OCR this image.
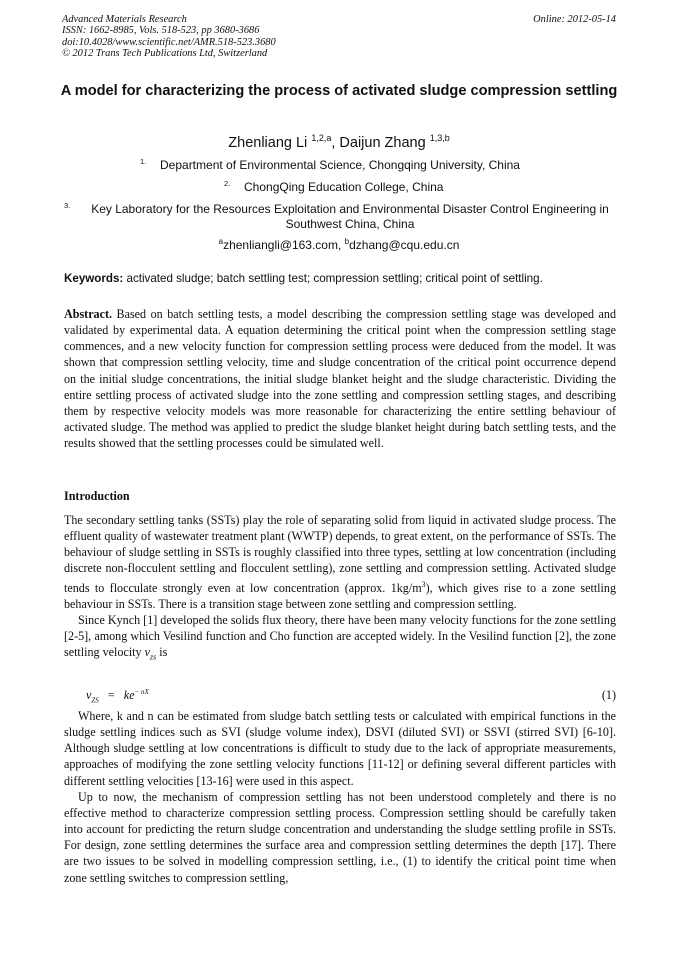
Advanced Materials Research
ISSN: 1662-8985, Vols. 518-523, pp 3680-3686
doi:10.4028/www.scientific.net/AMR.518-523.3680
© 2012 Trans Tech Publications Ltd, Switzerland
Online: 2012-05-14
A model for characterizing the process of activated sludge compression settling
Zhenliang Li $^{1,2,a}$, Daijun Zhang $^{1,3,b}$
1. Department of Environmental Science, Chongqing University, China
2. ChongQing Education College, China
3.	Key Laboratory for the Resources Exploitation and Environmental Disaster Control Engineering in Southwest China, China
$^a$zhenliangli@163.com, $^b$dzhang@cqu.edu.cn
Keywords: activated sludge; batch settling test; compression settling; critical point of settling.

Abstract. Based on batch settling tests, a model describing the compression settling stage was developed and validated by experimental data. A equation determining the critical point when the compression settling stage commences, and a new velocity function for compression settling process were deduced from the model. It was shown that compression settling velocity, time and sludge concentration of the critical point occurrence depend on the initial sludge concentrations, the initial sludge blanket height and the sludge characteristic. Dividing the entire settling process of activated sludge into the zone settling and compression settling stages, and describing them by respective velocity models was more reasonable for characterizing the entire settling behaviour of activated sludge. The method was applied to predict the sludge blanket height during batch settling tests, and the results showed that the settling processes could be simulated well.

Introduction

The secondary settling tanks (SSTs) play the role of separating solid from liquid in activated sludge process. The effluent quality of wastewater treatment plant (WWTP) depends, to great extent, on the performance of SSTs. The behaviour of sludge settling in SSTs is roughly classified into three types, settling at low concentration (including discrete non-flocculent settling and flocculent settling), zone settling and compression settling. Activated sludge tends to flocculate strongly even at low concentration (approx. $1kg/m^3$), which gives rise to a zone settling behaviour in SSTs. There is a transition stage between zone settling and compression settling.

Since Kynch [1] developed the solids flux theory, there have been many velocity functions for the zone settling [2-5], among which Vesilind function and Cho function are accepted widely. In the Vesilind function [2], the zone settling velocity $v_{zs}$ is

$v_{ZS} = ke^{- nX}$	(1)

Where, k and n can be estimated from sludge batch settling tests or calculated with empirical functions in the sludge settling indices such as SVI (sludge volume index), DSVI (diluted SVI) or SSVI (stirred SVI) [6-10]. Although sludge settling at low concentrations is difficult to study due to the lack of appropriate measurements, approaches of modifying the zone settling velocity functions [11-12] or defining several different particles with different settling velocities [13-16] were used in this aspect.

Up to now, the mechanism of compression settling has not been understood completely and there is no effective method to characterize compression settling process. Compression settling should be carefully taken into account for predicting the return sludge concentration and understanding the sludge settling profile in SSTs. For design, zone settling determines the surface area and compression settling determines the depth [17]. There are two issues to be solved in modelling compression settling, i.e., (1) to identify the critical point time when zone settling switches to compression settling,
